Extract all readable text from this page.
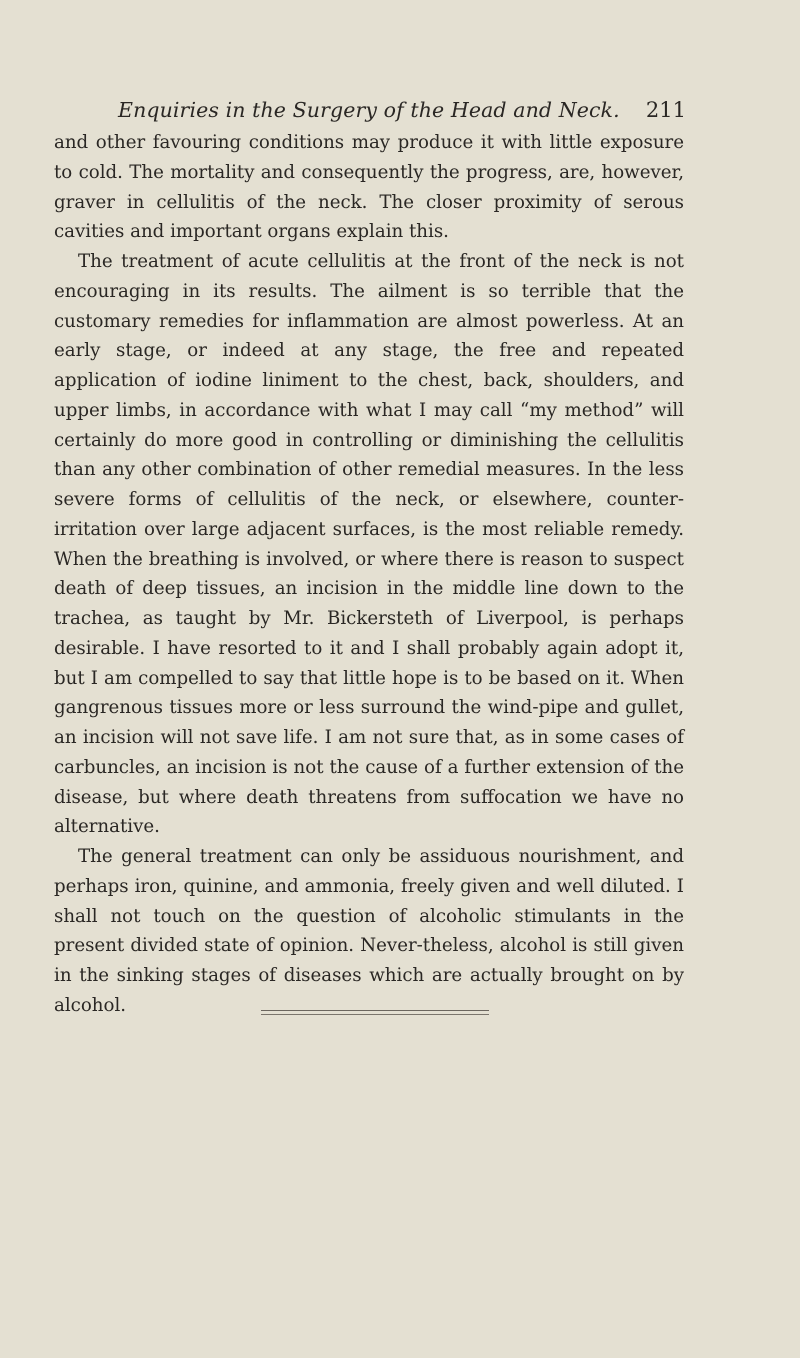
Enquiries in the Surgery of the Head and Neck. 211

and other favouring conditions may produce it with little exposure to cold. The mortality and consequently the progress, are, however, graver in cellulitis of the neck. The closer proximity of serous cavities and important organs explain this.

The treatment of acute cellulitis at the front of the neck is not encouraging in its results. The ailment is so terrible that the customary remedies for inflammation are almost powerless. At an early stage, or indeed at any stage, the free and repeated application of iodine liniment to the chest, back, shoulders, and upper limbs, in accordance with what I may call “my method” will certainly do more good in controlling or diminishing the cellulitis than any other combination of other remedial measures. In the less severe forms of cellulitis of the neck, or elsewhere, counter-irritation over large adjacent surfaces, is the most reliable remedy. When the breathing is involved, or where there is reason to suspect death of deep tissues, an incision in the middle line down to the trachea, as taught by Mr. Bickersteth of Liverpool, is perhaps desirable. I have resorted to it and I shall probably again adopt it, but I am compelled to say that little hope is to be based on it. When gangrenous tissues more or less surround the wind-pipe and gullet, an incision will not save life. I am not sure that, as in some cases of carbuncles, an incision is not the cause of a further extension of the disease, but where death threatens from suffocation we have no alternative.

The general treatment can only be assiduous nourishment, and perhaps iron, quinine, and ammonia, freely given and well diluted. I shall not touch on the question of alcoholic stimulants in the present divided state of opinion. Never-theless, alcohol is still given in the sinking stages of diseases which are actually brought on by alcohol.
